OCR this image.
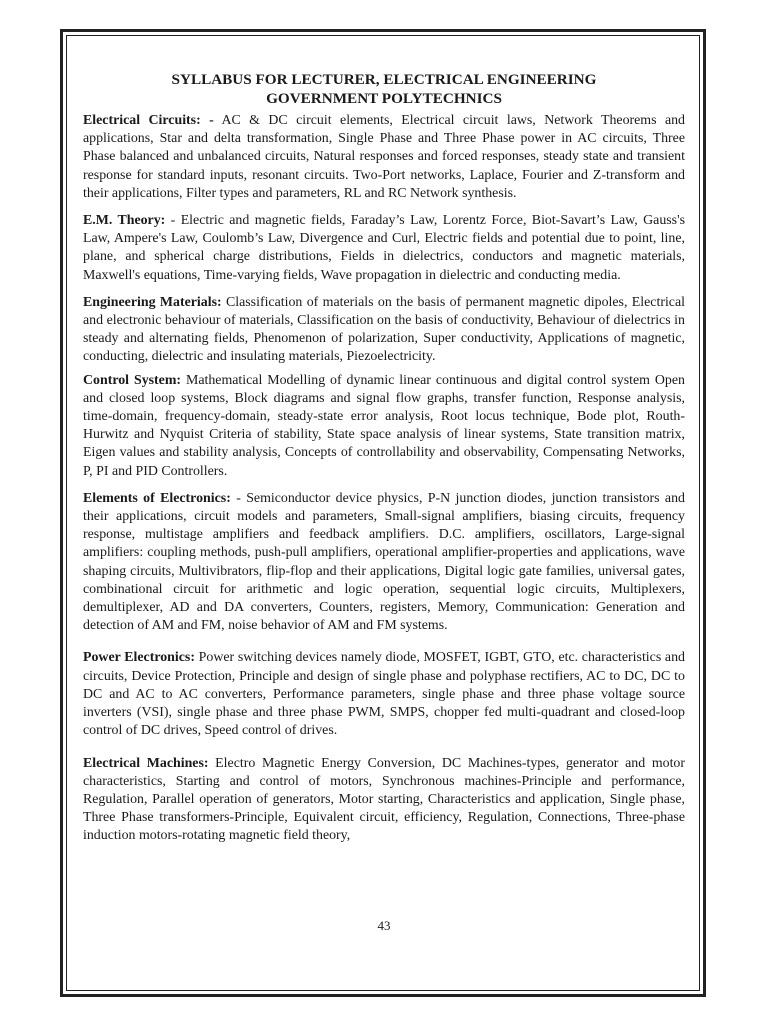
SYLLABUS FOR LECTURER, ELECTRICAL ENGINEERING
GOVERNMENT POLYTECHNICS

Electrical Circuits: - AC & DC circuit elements, Electrical circuit laws, Network Theorems and applications, Star and delta transformation, Single Phase and Three Phase power in AC circuits, Three Phase balanced and unbalanced circuits, Natural responses and forced responses, steady state and transient response for standard inputs, resonant circuits. Two-Port networks, Laplace, Fourier and Z-transform and their applications, Filter types and parameters, RL and RC Network synthesis.

E.M. Theory: - Electric and magnetic fields, Faraday’s Law, Lorentz Force, Biot-Savart’s Law, Gauss's Law, Ampere's Law, Coulomb’s Law, Divergence and Curl, Electric fields and potential due to point, line, plane, and spherical charge distributions, Fields in dielectrics, conductors and magnetic materials, Maxwell's equations, Time-varying fields, Wave propagation in dielectric and conducting media.

Engineering Materials: Classification of materials on the basis of permanent magnetic dipoles, Electrical and electronic behaviour of materials, Classification on the basis of conductivity, Behaviour of dielectrics in steady and alternating fields, Phenomenon of polarization, Super conductivity, Applications of magnetic, conducting, dielectric and insulating materials, Piezoelectricity.

Control System: Mathematical Modelling of dynamic linear continuous and digital control system Open and closed loop systems, Block diagrams and signal flow graphs, transfer function, Response analysis, time-domain, frequency-domain, steady-state error analysis, Root locus technique, Bode plot, Routh-Hurwitz and Nyquist Criteria of stability, State space analysis of linear systems, State transition matrix, Eigen values and stability analysis, Concepts of controllability and observability, Compensating Networks, P, PI and PID Controllers.

Elements of Electronics: - Semiconductor device physics, P-N junction diodes, junction transistors and their applications, circuit models and parameters, Small-signal amplifiers, biasing circuits, frequency response, multistage amplifiers and feedback amplifiers. D.C. amplifiers, oscillators, Large-signal amplifiers: coupling methods, push-pull amplifiers, operational amplifier-properties and applications, wave shaping circuits, Multivibrators, flip-flop and their applications, Digital logic gate families, universal gates, combinational circuit for arithmetic and logic operation, sequential logic circuits, Multiplexers, demultiplexer, AD and DA converters, Counters, registers, Memory, Communication: Generation and detection of AM and FM, noise behavior of AM and FM systems.

Power Electronics: Power switching devices namely diode, MOSFET, IGBT, GTO, etc. characteristics and circuits, Device Protection, Principle and design of single phase and polyphase rectifiers, AC to DC, DC to DC and AC to AC converters, Performance parameters, single phase and three phase voltage source inverters (VSI), single phase and three phase PWM, SMPS, chopper fed multi-quadrant and closed-loop control of DC drives, Speed control of drives.

Electrical Machines: Electro Magnetic Energy Conversion, DC Machines-types, generator and motor characteristics, Starting and control of motors, Synchronous machines-Principle and performance, Regulation, Parallel operation of generators, Motor starting, Characteristics and application, Single phase, Three Phase transformers-Principle, Equivalent circuit, efficiency, Regulation, Connections, Three-phase induction motors-rotating magnetic field theory,

43
